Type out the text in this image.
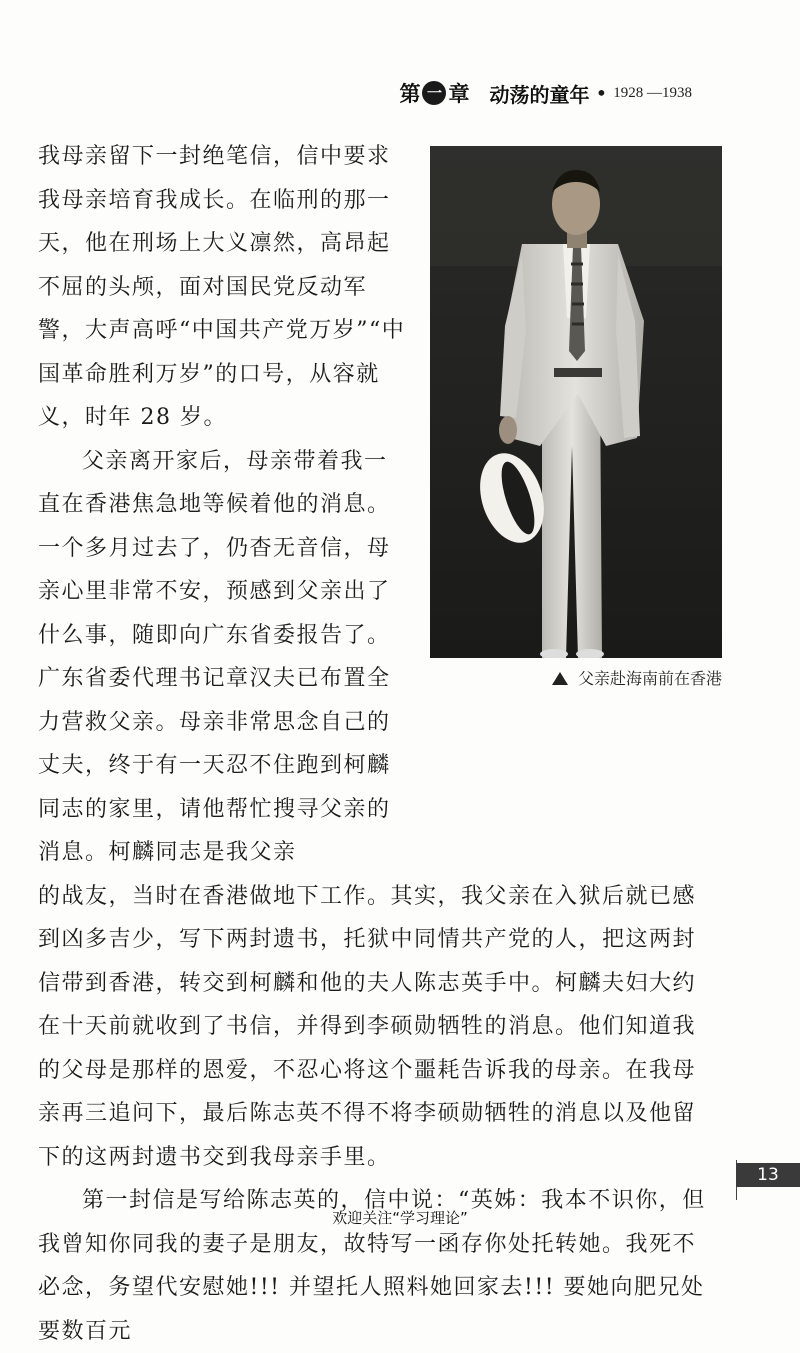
第 一 章 动荡的童年 • 1928 —1938

我母亲留下一封绝笔信，信中要求我母亲培育我成长。在临刑的那一天，他在刑场上大义凛然，高昂起不屈的头颅，面对国民党反动军警，大声高呼“中国共产党万岁”“中国革命胜利万岁”的口号，从容就义，时年 28 岁。

父亲离开家后，母亲带着我一直在香港焦急地等候着他的消息。一个多月过去了，仍杳无音信，母亲心里非常不安，预感到父亲出了什么事，随即向广东省委报告了。广东省委代理书记章汉夫已布置全力营救父亲。母亲非常思念自己的丈夫，终于有一天忍不住跑到柯麟同志的家里，请他帮忙搜寻父亲的消息。柯麟同志是我父亲

的战友，当时在香港做地下工作。其实，我父亲在入狱后就已感到凶多吉少，写下两封遗书，托狱中同情共产党的人，把这两封信带到香港，转交到柯麟和他的夫人陈志英手中。柯麟夫妇大约在十天前就收到了书信，并得到李硕勋牺牲的消息。他们知道我的父母是那样的恩爱，不忍心将这个噩耗告诉我的母亲。在我母亲再三追问下，最后陈志英不得不将李硕勋牺牲的消息以及他留下的这两封遗书交到我母亲手里。

第一封信是写给陈志英的，信中说：“英姊：我本不识你，但我曾知你同我的妻子是朋友，故特写一函存你处托转她。我死不必念，务望代安慰她!!! 并望托人照料她回家去!!! 要她向肥兄处要数百元

父亲赴海南前在香港
13
欢迎关注“学习理论”
